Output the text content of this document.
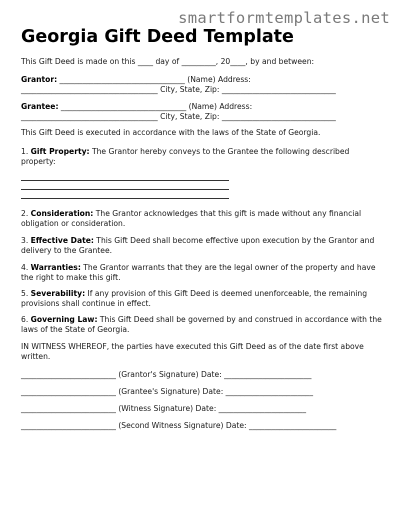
smartformtemplates.net
Georgia Gift Deed Template
This Gift Deed is made on this ____ day of _________, 20____, by and between:
Grantor: _________________________________ (Name) Address:
____________________________________ City, State, Zip: ______________________________
Grantee: _________________________________ (Name) Address:
____________________________________ City, State, Zip: ______________________________
This Gift Deed is executed in accordance with the laws of the State of Georgia.
1. Gift Property: The Grantor hereby conveys to the Grantee the following described property:
2. Consideration: The Grantor acknowledges that this gift is made without any financial obligation or consideration.
3. Effective Date: This Gift Deed shall become effective upon execution by the Grantor and delivery to the Grantee.
4. Warranties: The Grantor warrants that they are the legal owner of the property and have the right to make this gift.
5. Severability: If any provision of this Gift Deed is deemed unenforceable, the remaining provisions shall continue in effect.
6. Governing Law: This Gift Deed shall be governed by and construed in accordance with the laws of the State of Georgia.
IN WITNESS WHEREOF, the parties have executed this Gift Deed as of the date first above written.
_________________________ (Grantor's Signature) Date: _______________________
_________________________ (Grantee's Signature) Date: _______________________
_________________________ (Witness Signature) Date: _______________________
_________________________ (Second Witness Signature) Date: _______________________
